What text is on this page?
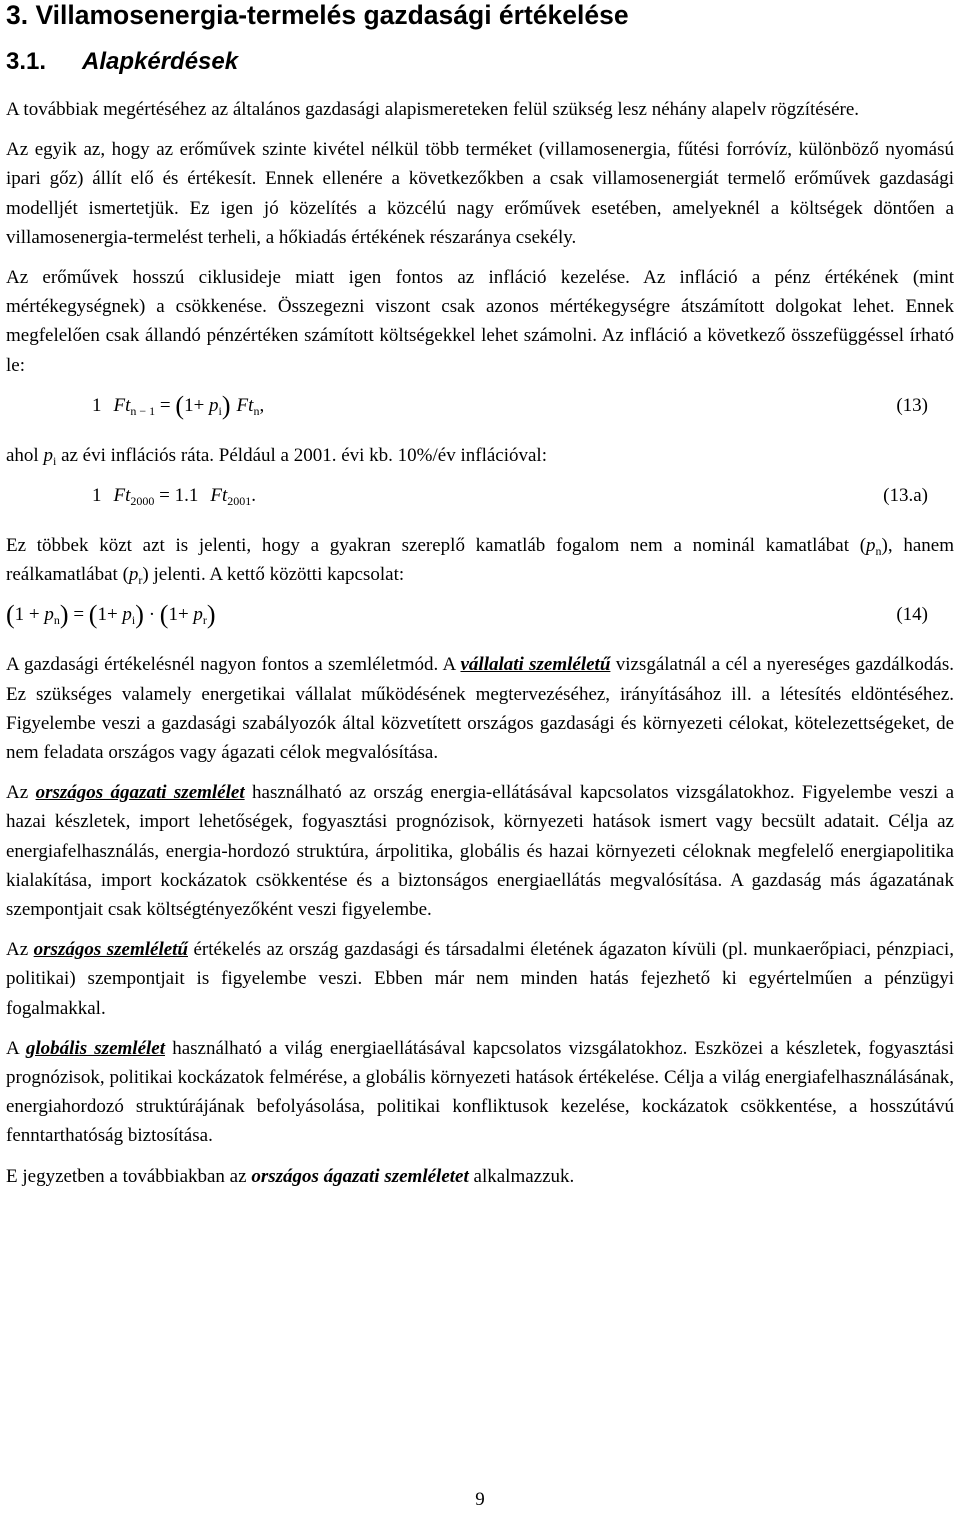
3. Villamosenergia-termelés gazdasági értékelése
3.1. Alapkérdések

A továbbiak megértéséhez az általános gazdasági alapismereteken felül szükség lesz néhány alapelv rögzítésére.

Az egyik az, hogy az erőművek szinte kivétel nélkül több terméket (villamosenergia, fűtési forróvíz, különböző nyomású ipari gőz) állít elő és értékesít. Ennek ellenére a következőkben a csak villamosenergiát termelő erőművek gazdasági modelljét ismertetjük. Ez igen jó közelítés a közcélú nagy erőművek esetében, amelyeknél a költségek döntően a villamosenergia-termelést terheli, a hőkiadás értékének részaránya csekély.

Az erőművek hosszú ciklusideje miatt igen fontos az infláció kezelése. Az infláció a pénz értékének (mint mértékegységnek) a csökkenése. Összegezni viszont csak azonos mértékegységre átszámított dolgokat lehet. Ennek megfelelően csak állandó pénzértéken számított költségekkel lehet számolni. Az infláció a következő összefüggéssel írható le:

1 $Ft_{n - 1} = (1+ p_i)$ $Ft_n$,	(13)

ahol $p_i$ az évi inflációs ráta. Például a 2001. évi kb. 10%/év inflációval:

1 $Ft_{2000} = 1.1$ $Ft_{2001}$.	(13.a)

Ez többek közt azt is jelenti, hogy a gyakran szereplő kamatláb fogalom nem a nominál kamatlábat $(p_n)$, hanem reálkamatlábat $(p_r)$ jelenti. A kettő közötti kapcsolat:

$(1 + p_n) = (1+ p_i) \cdot (1+ p_r)$	(14)

A gazdasági értékelésnél nagyon fontos a szemléletmód. A vállalati szemléletű vizsgálatnál a cél a nyereséges gazdálkodás. Ez szükséges valamely energetikai vállalat működésének megtervezéséhez, irányításához ill. a létesítés eldöntéséhez. Figyelembe veszi a gazdasági szabályozók által közvetített országos gazdasági és környezeti célokat, kötelezettségeket, de nem feladata országos vagy ágazati célok megvalósítása.

Az országos ágazati szemlélet használható az ország energia-ellátásával kapcsolatos vizsgálatokhoz. Figyelembe veszi a hazai készletek, import lehetőségek, fogyasztási prognózisok, környezeti hatások ismert vagy becsült adatait. Célja az energiafelhasználás, energia-hordozó struktúra, árpolitika, globális és hazai környezeti céloknak megfelelő energiapolitika kialakítása, import kockázatok csökkentése és a biztonságos energiaellátás megvalósítása. A gazdaság más ágazatának szempontjait csak költségtényezőként veszi figyelembe.

Az országos szemléletű értékelés az ország gazdasági és társadalmi életének ágazaton kívüli (pl. munkaerőpiaci, pénzpiaci, politikai) szempontjait is figyelembe veszi. Ebben már nem minden hatás fejezhető ki egyértelműen a pénzügyi fogalmakkal.

A globális szemlélet használható a világ energiaellátásával kapcsolatos vizsgálatokhoz. Eszközei a készletek, fogyasztási prognózisok, politikai kockázatok felmérése, a globális környezeti hatások értékelése. Célja a világ energiafelhasználásának, energiahordozó struktúrájának befolyásolása, politikai konfliktusok kezelése, kockázatok csökkentése, a hosszútávú fenntarthatóság biztosítása.

E jegyzetben a továbbiakban az országos ágazati szemléletet alkalmazzuk.

9
